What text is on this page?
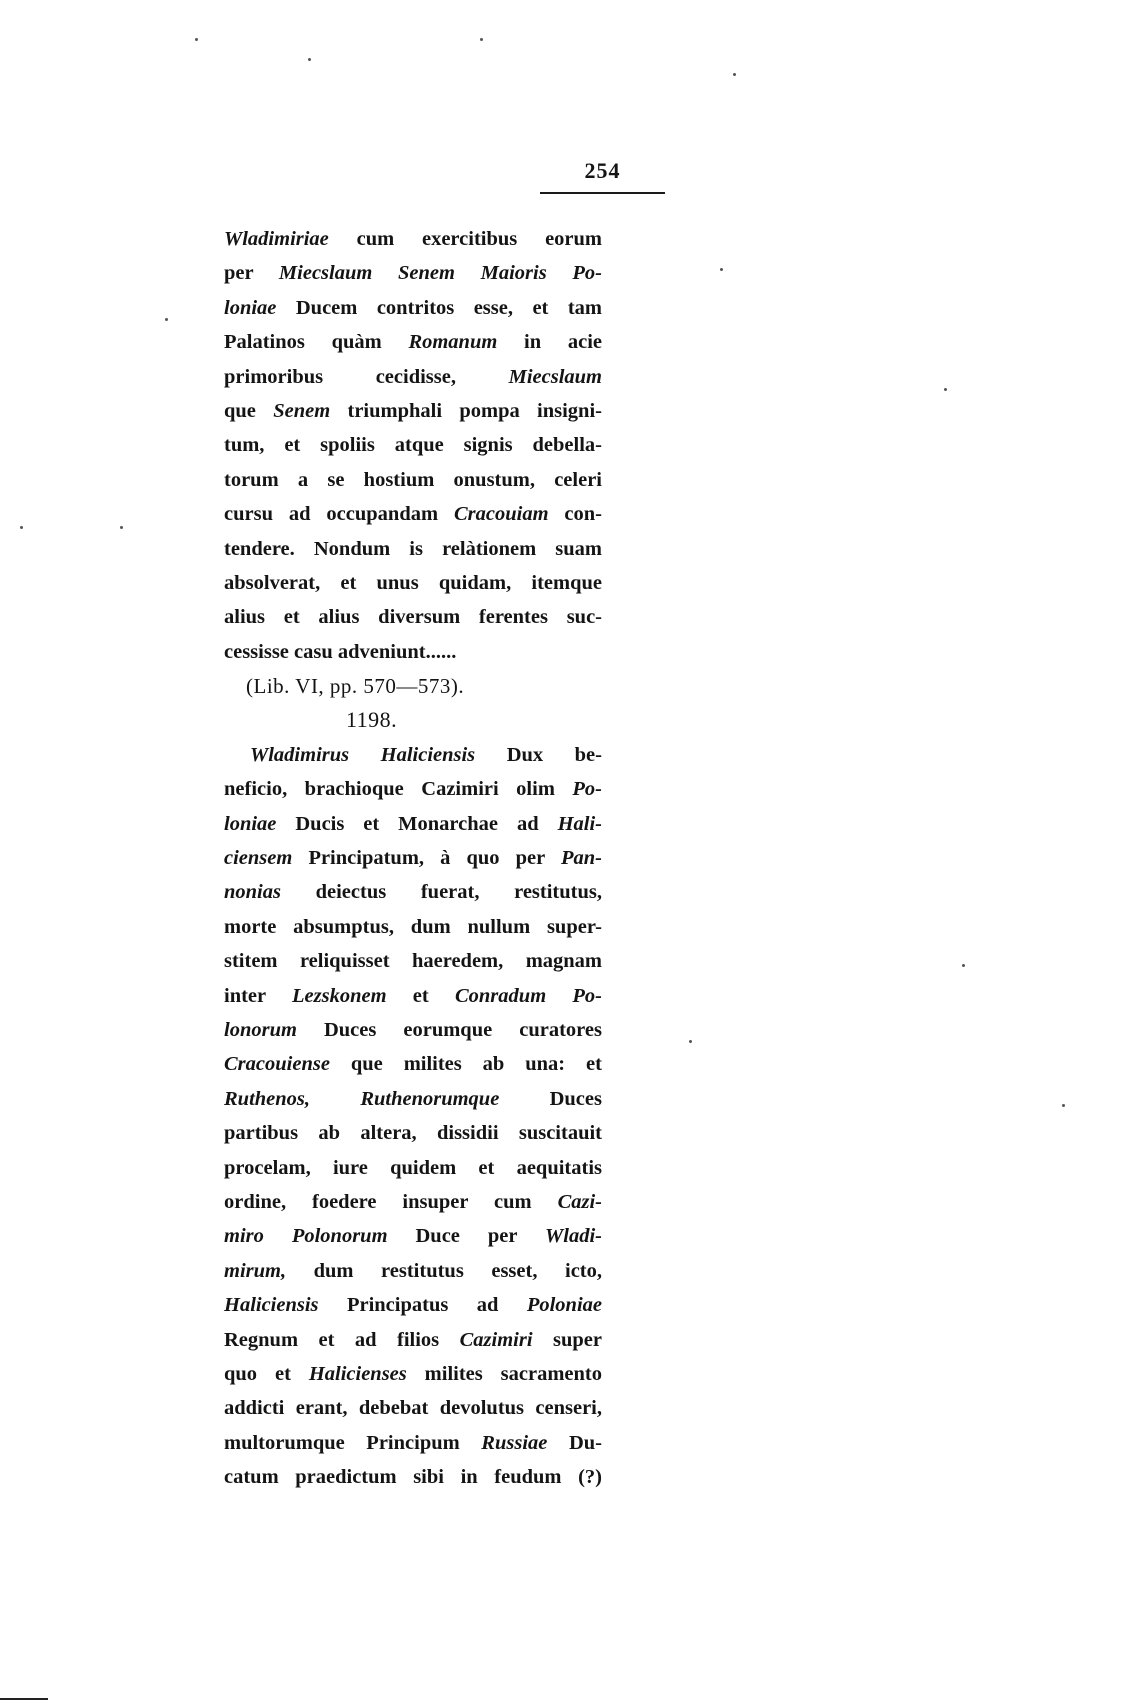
254
Wladimiriae cum exercitibus eorum
per Miecslaum Senem Maioris Po-
loniae Ducem contritos esse, et tam
Palatinos quàm Romanum in acie
primoribus cecidisse, Miecslaum
que Senem triumphali pompa insigni-
tum, et spoliis atque signis debella-
torum a se hostium onustum, celeri
cursu ad occupandam Cracouiam con-
tendere. Nondum is relàtionem suam
absolverat, et unus quidam, itemque
alius et alius diversum ferentes suc-
cessisse casu adveniunt......
(Lib. VI, pp. 570—573).
1198.
Wladimirus Haliciensis Dux be-
neficio, brachioque Cazimiri olim Po-
loniae Ducis et Monarchae ad Hali-
ciensem Principatum, à quo per Pan-
nonias deiectus fuerat, restitutus,
morte absumptus, dum nullum super-
stitem reliquisset haeredem, magnam
inter Lezskonem et Conradum Po-
lonorum Duces eorumque curatores
Cracouiense que milites ab una: et
Ruthenos, Ruthenorumque Duces
partibus ab altera, dissidii suscitauit
procelam, iure quidem et aequitatis
ordine, foedere insuper cum Cazi-
miro Polonorum Duce per Wladi-
mirum, dum restitutus esset, icto,
Haliciensis Principatus ad Poloniae
Regnum et ad filios Cazimiri super
quo et Halicienses milites sacramento
addicti erant, debebat devolutus censeri,
multorumque Principum Russiae Du-
catum praedictum sibi in feudum (?)
